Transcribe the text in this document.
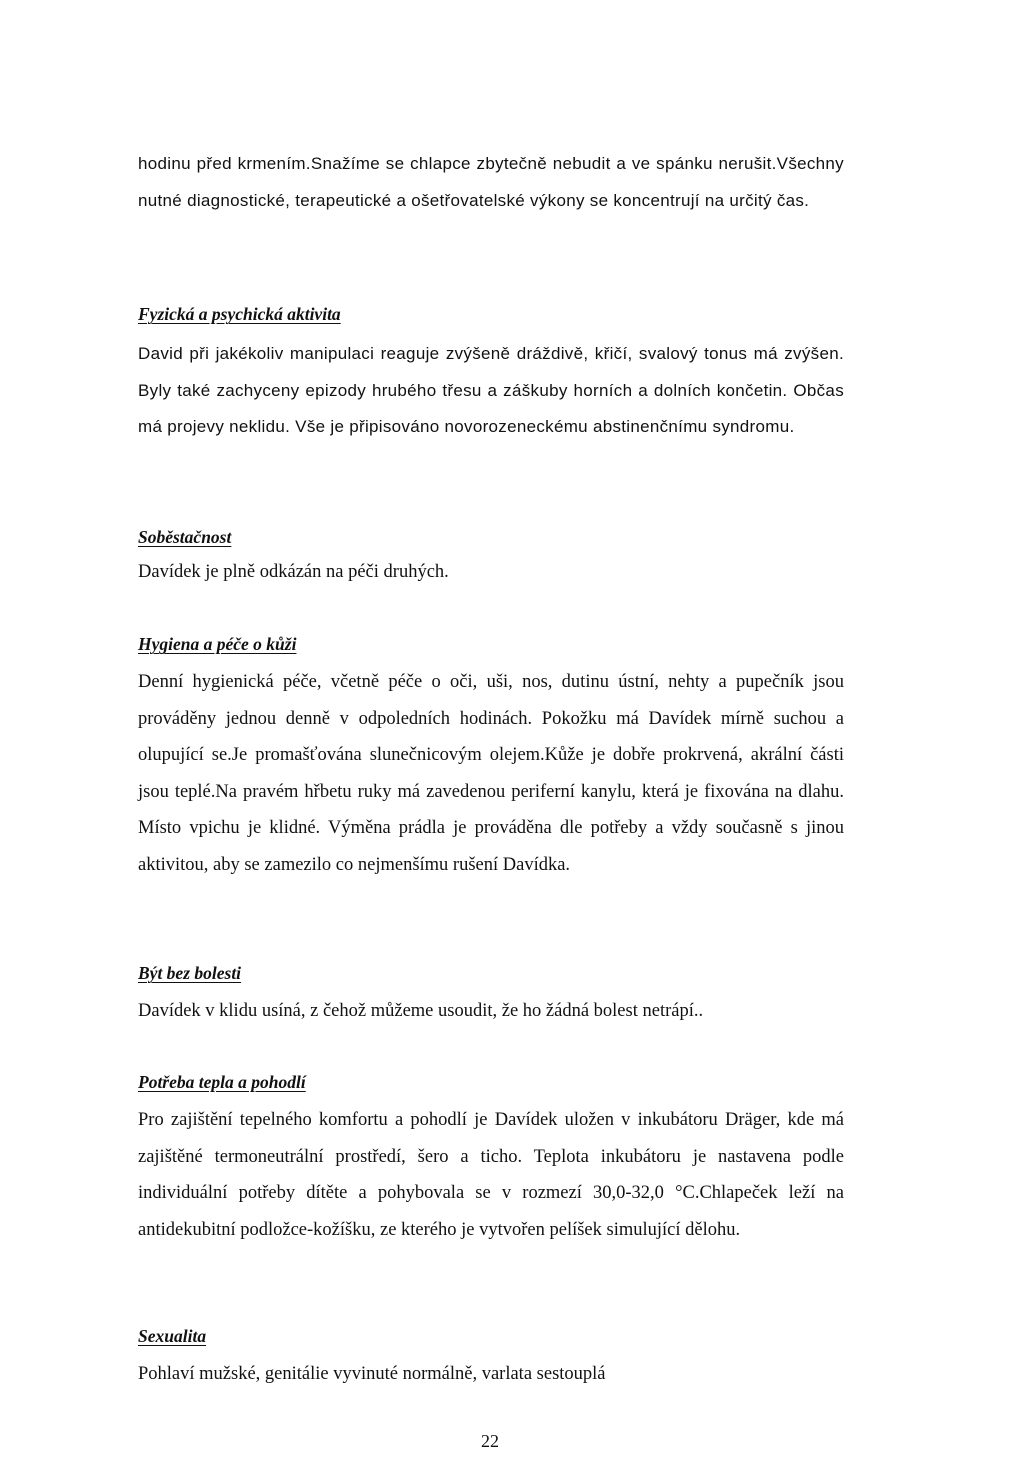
hodinu před krmením.Snažíme se chlapce zbytečně nebudit a ve spánku nerušit.Všechny nutné diagnostické, terapeutické a ošetřovatelské výkony se koncentrují na určitý čas.

Fyzická a psychická aktivita

David při jakékoliv manipulaci reaguje zvýšeně dráždivě, křičí, svalový tonus má zvýšen. Byly také zachyceny epizody hrubého třesu a záškuby horních a dolních končetin. Občas má projevy neklidu. Vše je připisováno novorozeneckému abstinenčnímu syndromu.

Soběstačnost

Davídek je plně odkázán na péči druhých.

Hygiena a péče o kůži

Denní hygienická péče, včetně péče o oči, uši, nos, dutinu ústní, nehty a pupečník jsou prováděny jednou denně v odpoledních hodinách. Pokožku má Davídek mírně suchou a olupující se.Je promašťována slunečnicovým olejem.Kůže je dobře prokrvená, akrální části jsou teplé.Na pravém hřbetu ruky má zavedenou periferní kanylu, která je fixována na dlahu. Místo vpichu je klidné. Výměna prádla je prováděna dle potřeby a vždy současně s jinou aktivitou, aby se zamezilo co nejmenšímu rušení Davídka.

Být bez bolesti

Davídek v klidu usíná, z čehož můžeme usoudit, že ho žádná bolest netrápí..

Potřeba tepla a pohodlí

Pro zajištění tepelného komfortu a pohodlí je Davídek uložen v inkubátoru Dräger, kde má zajištěné termoneutrální prostředí, šero a ticho. Teplota inkubátoru je nastavena podle individuální potřeby dítěte a pohybovala se v rozmezí 30,0-32,0 °C.Chlapeček leží na antidekubitní podložce-kožíšku, ze kterého je vytvořen pelíšek simulující dělohu.

Sexualita

Pohlaví mužské, genitálie vyvinuté normálně, varlata sestouplá

22
